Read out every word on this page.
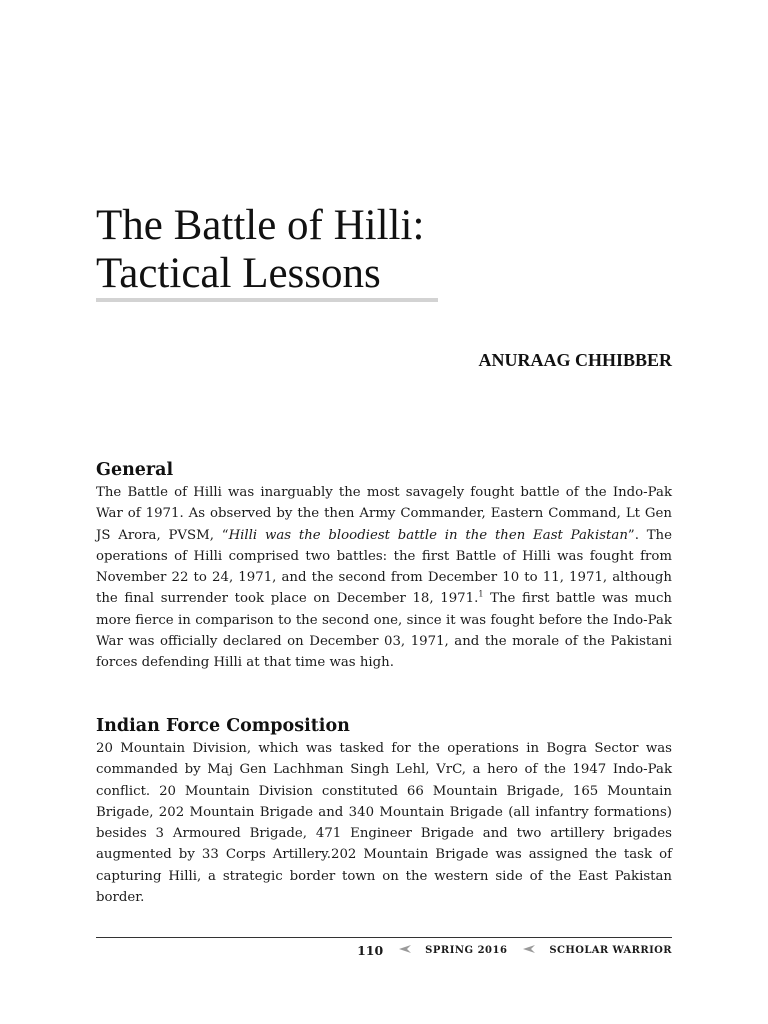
The Battle of Hilli:
Tactical Lessons

ANURAAG CHHIBBER

General

The Battle of Hilli was inarguably the most savagely fought battle of the Indo-Pak War of 1971. As observed by the then Army Commander, Eastern Command, Lt Gen JS Arora, PVSM, “Hilli was the bloodiest battle in the then East Pakistan”. The operations of Hilli comprised two battles: the first Battle of Hilli was fought from November 22 to 24, 1971, and the second from December 10 to 11, 1971, although the final surrender took place on December 18, 1971.$^1$ The first battle was much more fierce in comparison to the second one, since it was fought before the Indo-Pak War was officially declared on December 03, 1971, and the morale of the Pakistani forces defending Hilli at that time was high.

Indian Force Composition

20 Mountain Division, which was tasked for the operations in Bogra Sector was commanded by Maj Gen Lachhman Singh Lehl, VrC, a hero of the 1947 Indo-Pak conflict. 20 Mountain Division constituted 66 Mountain Brigade, 165 Mountain Brigade, 202 Mountain Brigade and 340 Mountain Brigade (all infantry formations) besides 3 Armoured Brigade, 471 Engineer Brigade and two artillery brigades augmented by 33 Corps Artillery.202 Mountain Brigade was assigned the task of capturing Hilli, a strategic border town on the western side of the East Pakistan border.

110	SPRING 2016	SCHOLAR WARRIOR
